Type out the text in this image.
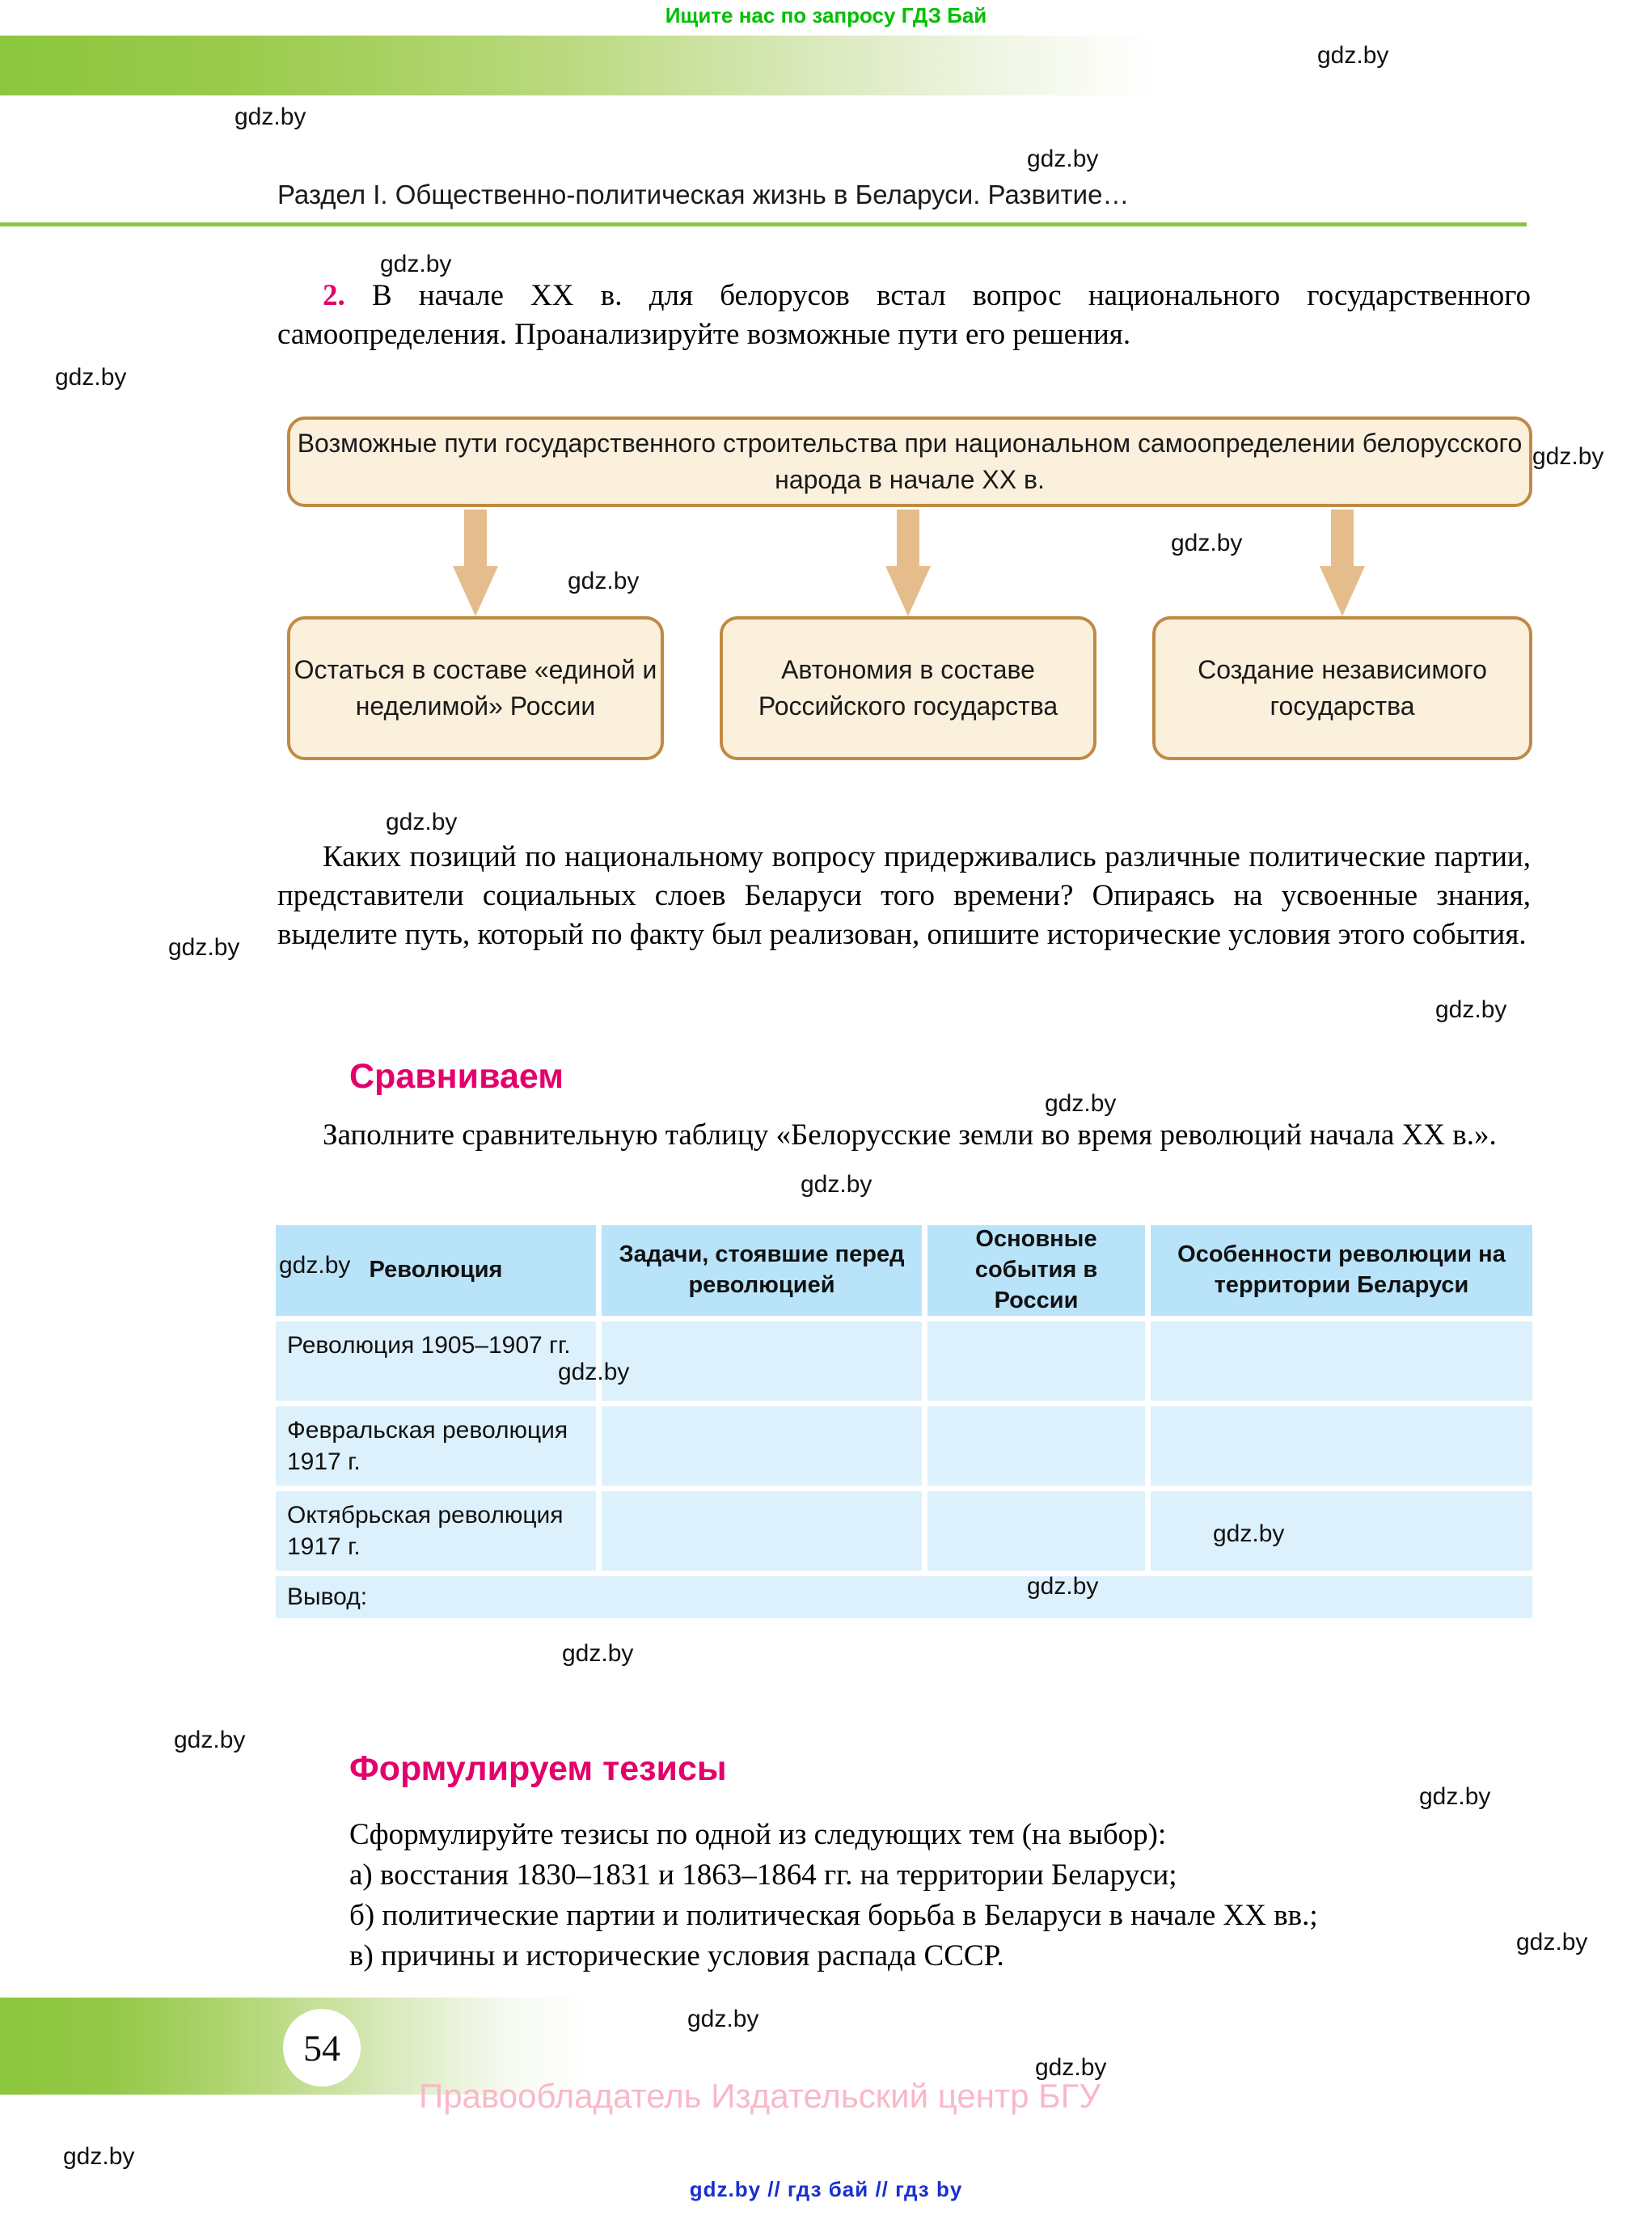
Раздел I. Общественно-политическая жизнь в Беларуси. Развитие…
2. В начале XX в. для белорусов встал вопрос национального государственного самоопределения. Проанализируйте возможные пути его решения.
Возможные пути государственного строительства при национальном самоопределении белорусского народа в начале XX в.
Остаться в составе «единой и неделимой» России
Автономия в составе Российского государства
Создание независимого государства
Каких позиций по национальному вопросу придерживались различные политические партии, представители социальных слоев Беларуси того времени? Опираясь на усвоенные знания, выделите путь, который по факту был реализован, опишите исторические условия этого события.
Сравниваем
Заполните сравнительную таблицу «Белорусские земли во время революций начала XX в.».
Революция
Задачи, стоявшие перед революцией
Основные события в России
Особенности революции на территории Беларуси
Революция 1905–1907 гг.
Февральская революция 1917 г.
Октябрьская революция 1917 г.
Вывод:
Формулируем тезисы
Сформулируйте тезисы по одной из следующих тем (на выбор):
а) восстания 1830–1831 и 1863–1864 гг. на территории Беларуси;
б) политические партии и политическая борьба в Беларуси в начале XX вв.;
в) причины и исторические условия распада СССР.
54
Правообладатель Издательский центр БГУ
Ищите нас по запросу ГДЗ Бай
gdz.by // гдз бай // гдз by
gdz.by
gdz.by
gdz.by
gdz.by
gdz.by
gdz.by
gdz.by
gdz.by
gdz.by
gdz.by
gdz.by
gdz.by
gdz.by
gdz.by
gdz.by
gdz.by
gdz.by
gdz.by
gdz.by
gdz.by
gdz.by
gdz.by
gdz.by
gdz.by
